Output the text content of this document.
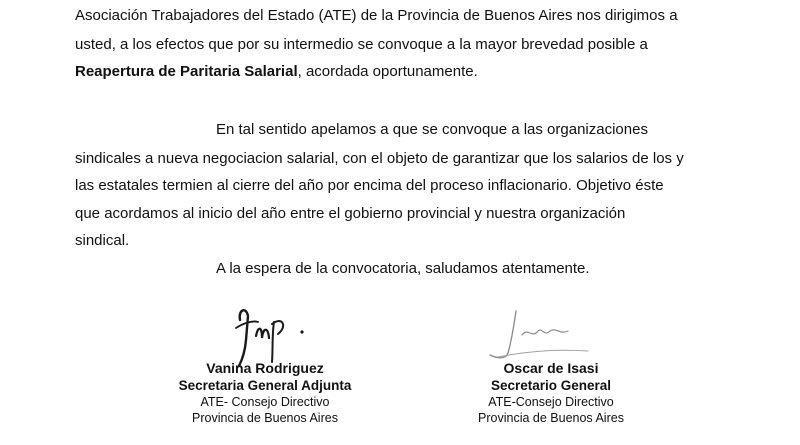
Asociación Trabajadores del Estado (ATE) de la Provincia de Buenos Aires nos dirigimos a
usted, a los efectos que por su intermedio se convoque a la mayor brevedad posible a
Reapertura de Paritaria Salarial, acordada oportunamente.
En tal sentido apelamos a que se convoque a las organizaciones
sindicales a nueva negociacion salarial, con el objeto de garantizar que los salarios de los y
las estatales termien al cierre del año por encima del proceso inflacionario. Objetivo éste
que acordamos al inicio del año entre el gobierno provincial y nuestra organización
sindical.
A la espera de la convocatoria, saludamos atentamente.
Vanina Rodriguez
Secretaria General Adjunta
ATE- Consejo Directivo
Provincia de Buenos Aires
Oscar de Isasi
Secretario General
ATE-Consejo Directivo
Provincia de Buenos Aires
